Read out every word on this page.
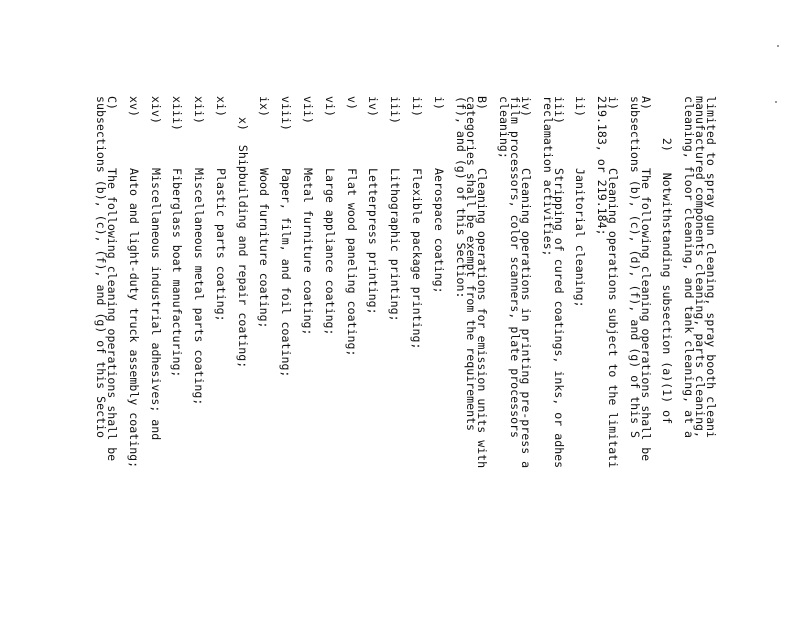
limited to spray gun cleaning, spray booth cleani
manufactured components cleaning, parts cleaning,
cleaning, floor cleaning, and tank cleaning, at a
2)   Notwithstanding subsection (a)(1) of
A)The following cleaning operations shall be
subsections (b), (c), (d), (f), and (g) of this S
i)Cleaning operations subject to the limitati
219.183, or 219.184;
ii)Janitorial cleaning;
iii)Stripping of cured coatings, inks, or adhes
reclamation activities;
iv)Cleaning operations in printing pre-press a
film processors, color scanners, plate processors
cleaning;
B)Cleaning operations for emission units with
categories shall be exempt from the requirements
(f), and (g) of this Section:
i)Aerospace coating;
ii)Flexible package printing;
iii)Lithographic printing;
iv)Letterpress printing;
v)Flat wood paneling coating;
vi)Large appliance coating;
vii)Metal furniture coating;
viii)Paper, film, and foil coating;
ix)Wood furniture coating;
x)  Shipbuilding and repair coating;
xi)Plastic parts coating;
xii)Miscellaneous metal parts coating;
xiii)Fiberglass boat manufacturing;
xiv)Miscellaneous industrial adhesives; and
xv)Auto and light-duty truck assembly coating;
C)The following cleaning operations shall be
subsections (b), (c), (f), and (g) of this Sectio
